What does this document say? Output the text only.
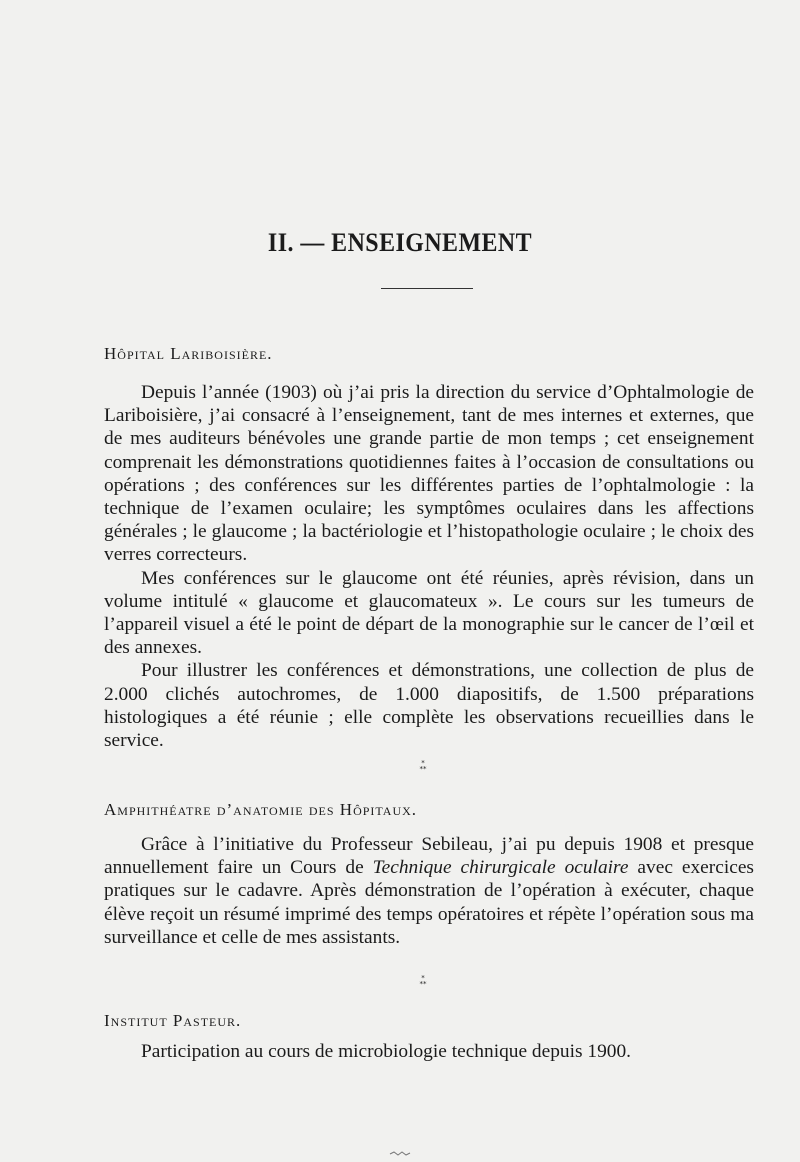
II. — ENSEIGNEMENT
Hôpital Lariboisière.

Depuis l’année (1903) où j’ai pris la direction du service d’Ophtalmologie de Lariboisière, j’ai consacré à l’enseignement, tant de mes internes et externes, que de mes auditeurs bénévoles une grande partie de mon temps ; cet enseignement comprenait les démonstrations quotidiennes faites à l’occasion de consultations ou opérations ; des conférences sur les différentes parties de l’ophtalmologie : la technique de l’examen oculaire; les symptômes oculaires dans les affections générales ; le glaucome ; la bactériologie et l’histopathologie oculaire ; le choix des verres correcteurs.

Mes conférences sur le glaucome ont été réunies, après révision, dans un volume intitulé « glaucome et glaucomateux ». Le cours sur les tumeurs de l’appareil visuel a été le point de départ de la monographie sur le cancer de l’œil et des annexes.

Pour illustrer les conférences et démonstrations, une collection de plus de 2.000 clichés autochromes, de 1.000 diapositifs, de 1.500 préparations histologiques a été réunie ; elle complète les observations recueillies dans le service.

*
**
Amphithéatre d’anatomie des Hôpitaux.

Grâce à l’initiative du Professeur Sebileau, j’ai pu depuis 1908 et presque annuellement faire un Cours de Technique chirurgicale oculaire avec exercices pratiques sur le cadavre. Après démonstration de l’opération à exécuter, chaque élève reçoit un résumé imprimé des temps opératoires et répète l’opération sous ma surveillance et celle de mes assistants.

*
**
Institut Pasteur.

Participation au cours de microbiologie technique depuis 1900.
